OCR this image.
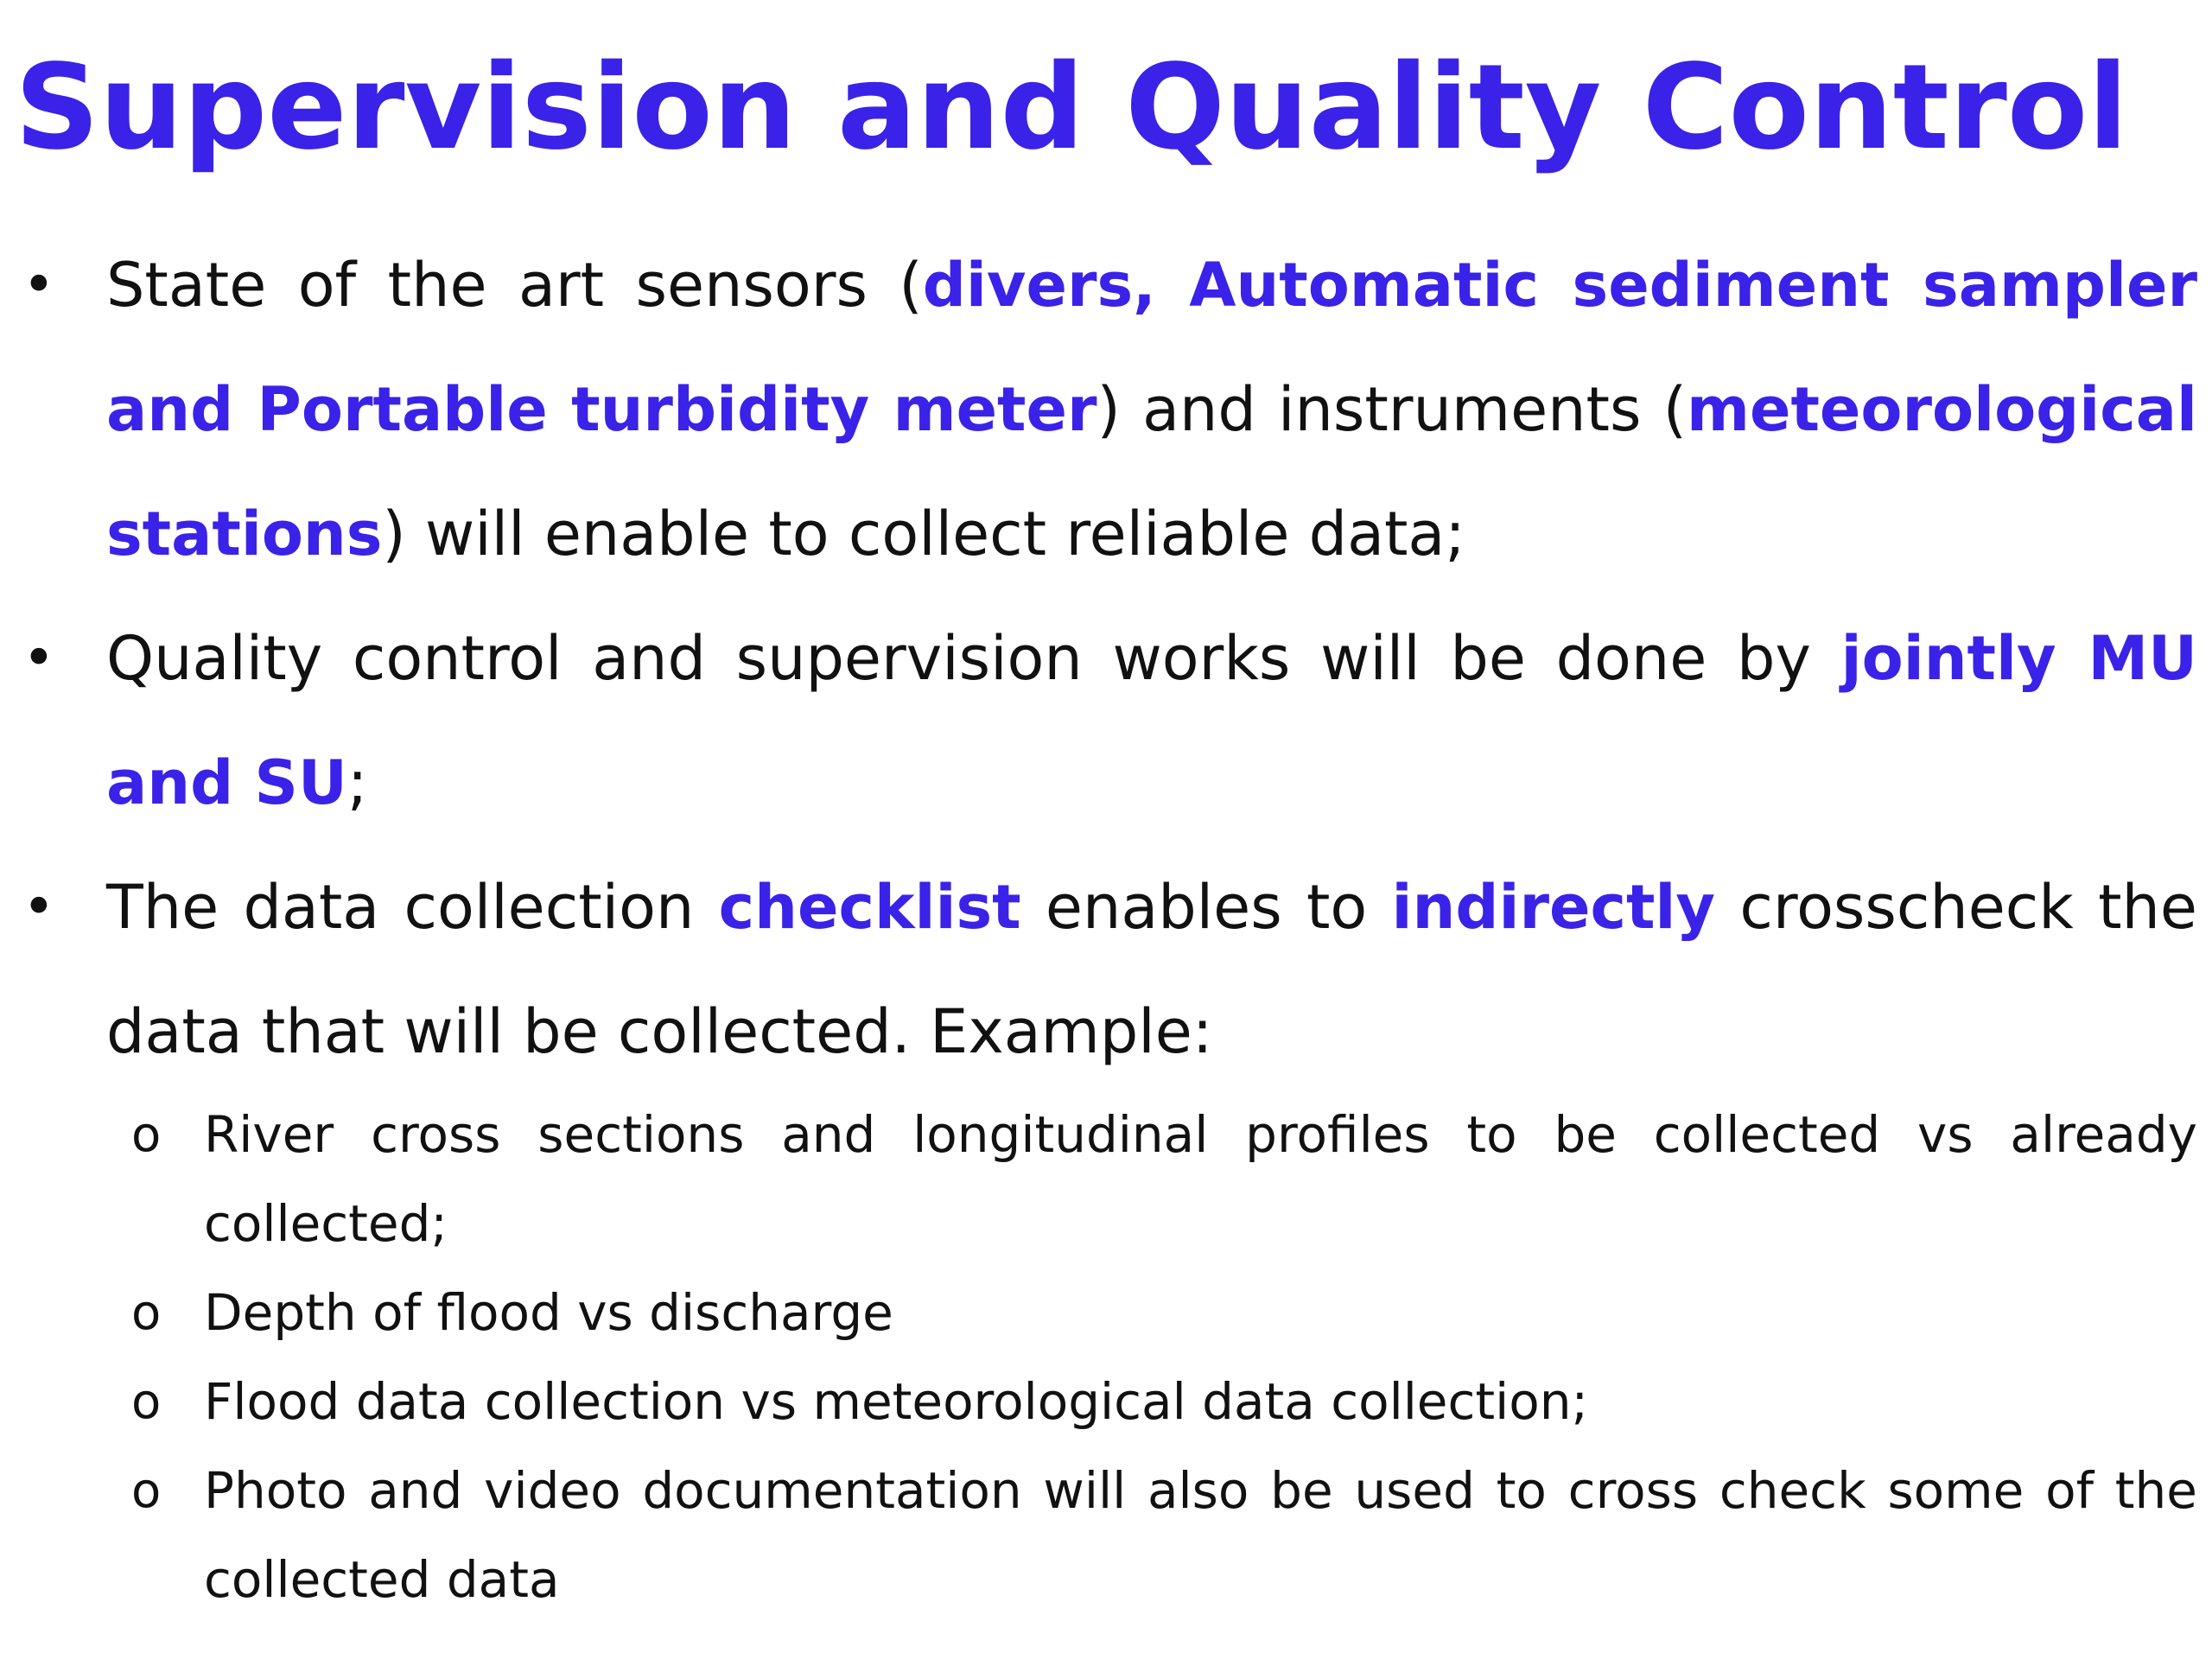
Supervision and Quality Control
• State of the art sensors (divers, Automatic sediment sampler and Portable turbidity meter) and instruments (meteorological stations) will enable to collect reliable data;
• Quality control and supervision works will be done by jointly MU and SU;
• The data collection checklist enables to indirectly crosscheck the data that will be collected. Example:
o River cross sections and longitudinal profiles to be collected vs already collected;
o Depth of flood vs discharge
o Flood data collection vs meteorological data collection;
o Photo and video documentation will also be used to cross check some of the collected data
